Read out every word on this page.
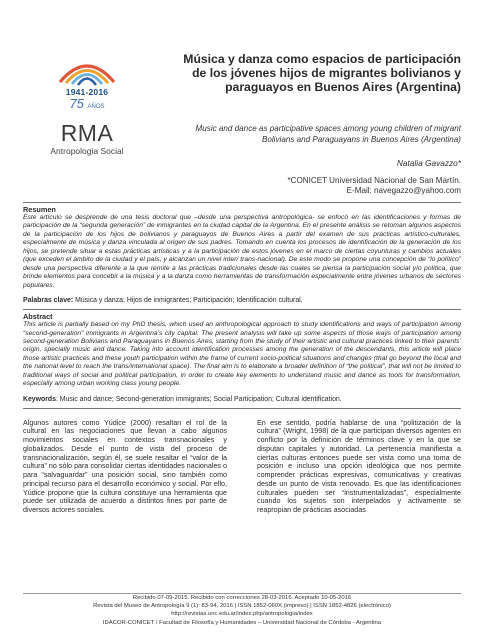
1941-2016
75 AÑOS
RMA
Antropologia Social
Música y danza como espacios de participación de los jóvenes hijos de migrantes bolivianos y paraguayos en Buenos Aires (Argentina)
Music and dance as participative spaces among young children of migrant Bolivians and Paraguayans in Buenos Aires (Argentina)
Natalia Gavazzo*
*CONICET Universidad Nacional de San Martín.
E-Mail: navegazzo@yahoo.com
Resumen

Este artículo se desprende de una tesis doctoral que –desde una perspectiva antropológica- se enfocó en las identificaciones y formas de participación de la “segunda generación” de inmigrantes en la ciudad capital de la Argentina. En el presente análisis se retoman algunos aspectos de la participación de los hijos de bolivianos y paraguayos de Buenos Aires a partir del examen de sus prácticas artístico-culturales, especialmente de música y danza vinculada al origen de sus padres. Tomando en cuenta los procesos de identificación de la generación de los hijos, se pretende situar a estas prácticas artísticas y a la participación de estos jóvenes en el marco de ciertas coyunturas y cambios actuales (que exceden el ámbito de la ciudad y el país, y alcanzan un nivel inter/ trans-nacional). De este modo se propone una concepción de “lo político” desde una perspectiva diferente a la que remite a las prácticas tradicionales desde las cuales se piensa la participación social y/o política, que brinde elementos para concebir a la música y a la danza como herramientas de transformación especialmente entre jóvenes urbanos de sectores populares.

Palabras clave: Música y danza; Hijos de inmigrantes; Participación; Identificación cultural.
Abstract

This article is partially based on my PhD thesis, which used an anthropological approach to study identifications and ways of participation among “second-generation” immigrants in Argentina’s city capital. The present analysis will take up some aspects of those ways of participation among second-generation Bolivians and Paraguayans in Buenos Aires, starting from the study of their artistic and cultural practices linked to their parents’ origin, specially music and dance. Taking into account identification processes among the generation of the descendants, this article will place those artistic practices and these youth participation within the frame of current socio-political situations and changes (that go beyond the local and the national level to reach the trans/international space). The final aim is to elaborate a broader definition of “the political”, that will not be limited to traditional ways of social and political participation, in order to create key elements to understand music and dance as tools for transformation, especially among urban working class young people.

Keywords: Music and dance; Second-generation immigrants; Social Participation; Cultural identification.

Algunos autores como Yúdice (2000) resaltan el rol de la cultural en las negociaciones que llevan a cabo algunos movimientos sociales en contextos transnacionales y globalizados. Desde el punto de vista del proceso de transnacionalización, según él, se suele resaltar el “valor de la cultura” no sólo para consolidar ciertas identidades nacionales o para “salvaguardar” una posición social, sino también como principal recurso para el desarrollo económico y social. Por ello, Yúdice propone que la cultura constituye una herramienta que puede ser utilizada de acuerdo a distintos fines por parte de diversos actores sociales.

En ese sentido, podría hablarse de una “politización de la cultura” (Wright, 1998) de la que participan diversos agentes en conflicto por la definición de términos clave y en la que se disputan capitales y autoridad. La pertenencia manifiesta a ciertas culturas entonces puede ser vista como una toma de posición e incluso una opción ideológica que nos permite comprender prácticas expresivas, comunicativas y creativas desde un punto de vista renovado. Es que las identificaciones culturales pueden ser “instrumentalizadas”, especialmente cuando los sujetos son interpelados y activamente se reapropian de prácticas asociadas

Recibido 07-09-2015. Recibido con correcciones 28-03-2016. Aceptado 10-05-2016
Revista del Museo de Antropología 9 (1): 83-94, 2016 | ISSN 1852-060X (impreso) | ISSN 1852-4826 (electrónico)
http://revistas.unc.edu.ar/index.php/antropologia/index
IDACOR-CONICET / Facultad de Filosofía y Humanidades – Universidad Nacional de Córdoba - Argentina
